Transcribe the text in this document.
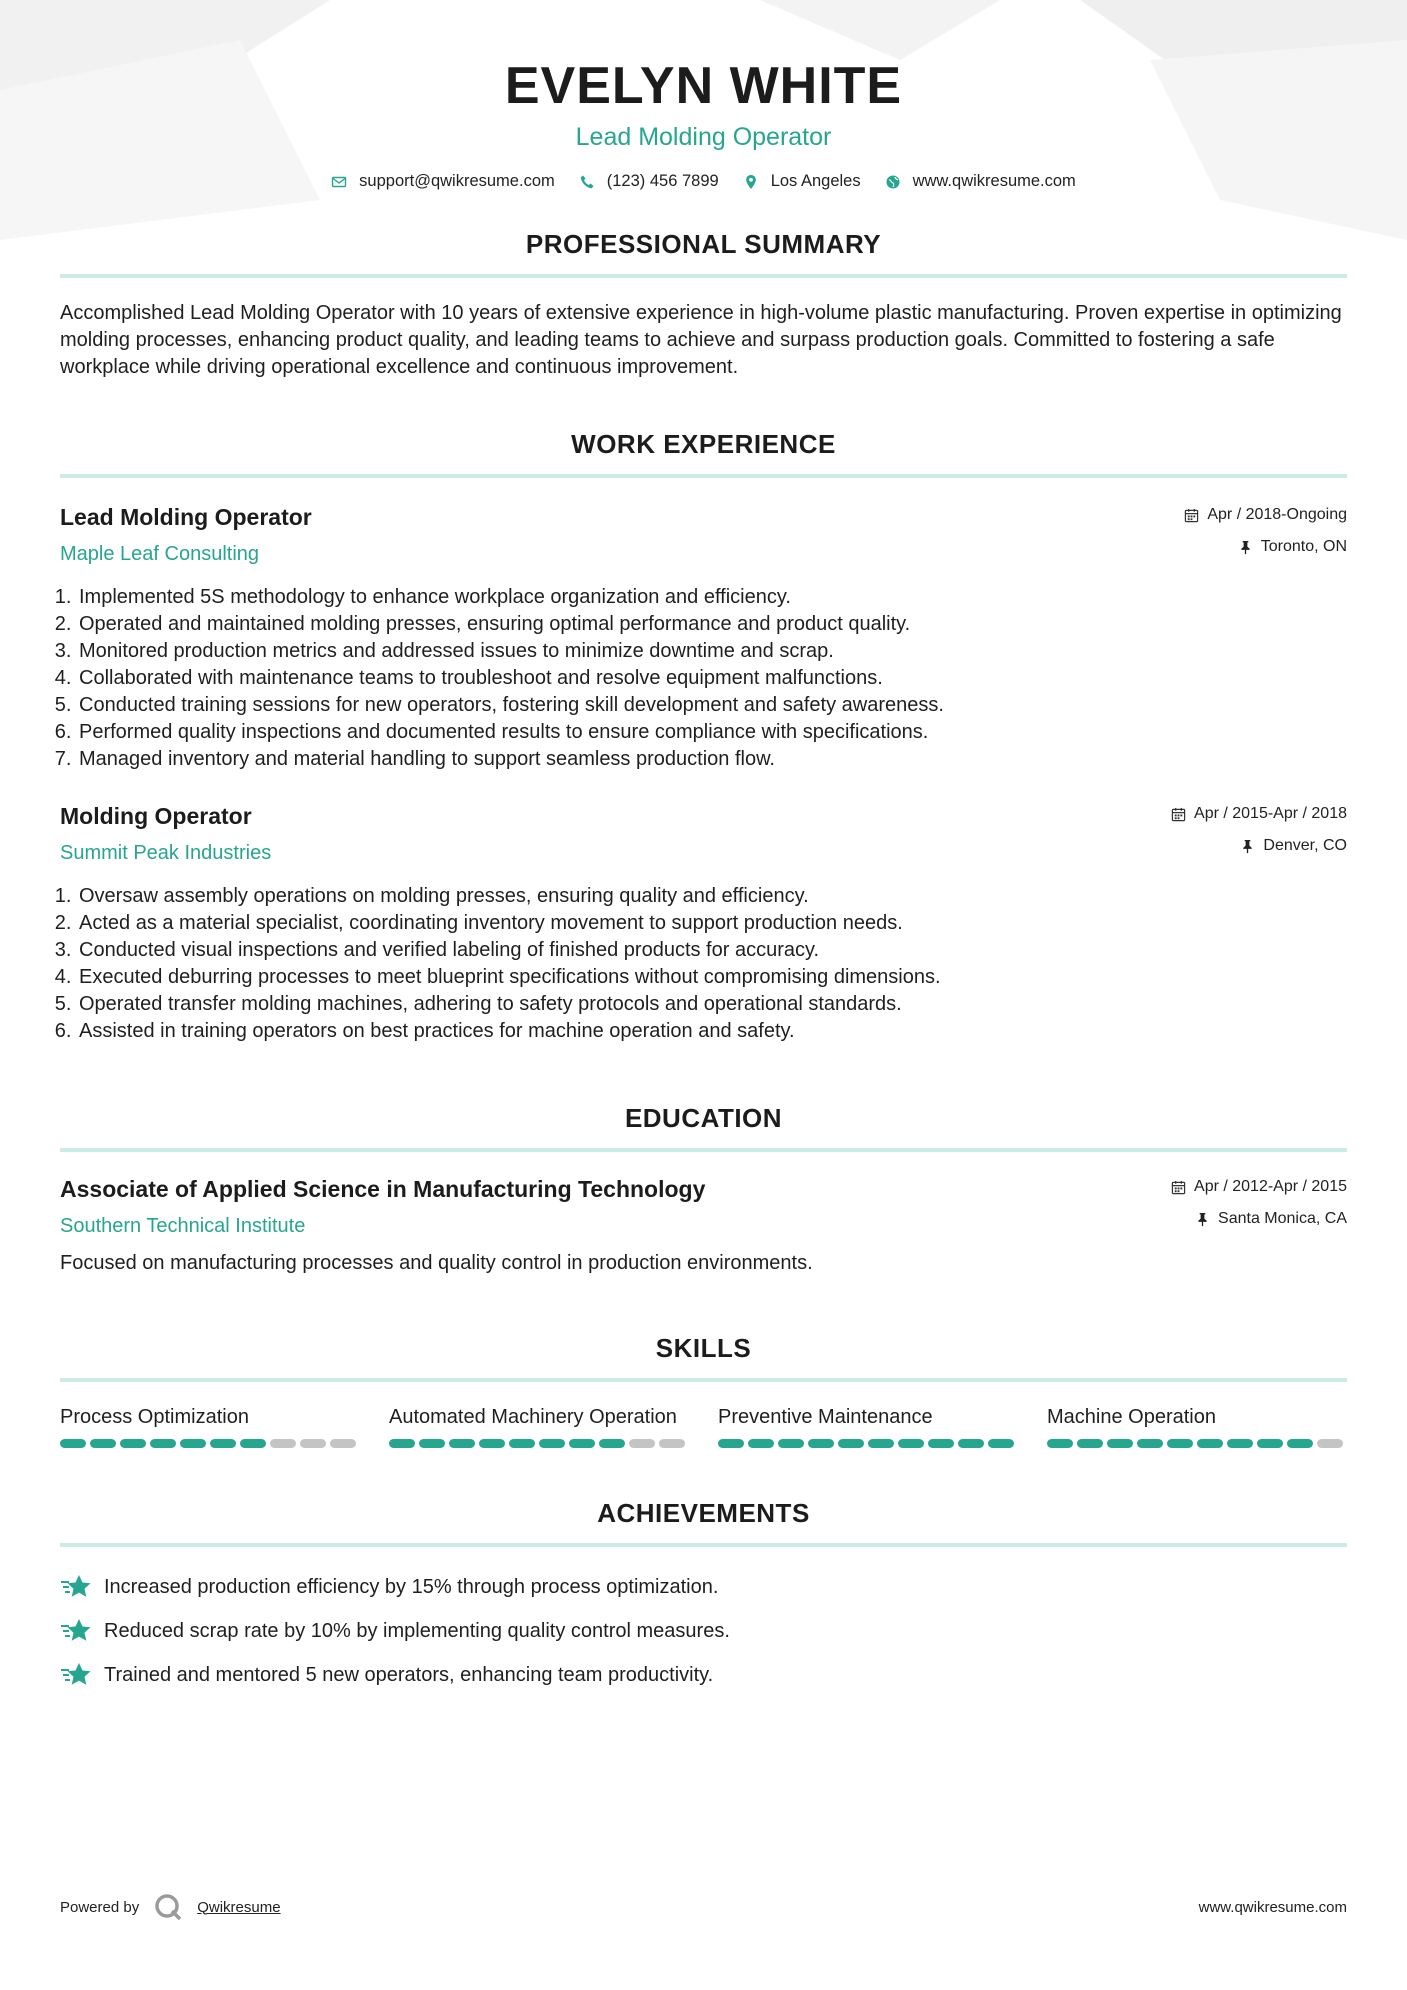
EVELYN WHITE
Lead Molding Operator
support@qwikresume.com	(123) 456 7899	Los Angeles	www.qwikresume.com
PROFESSIONAL SUMMARY

Accomplished Lead Molding Operator with 10 years of extensive experience in high-volume plastic manufacturing. Proven expertise in optimizing molding processes, enhancing product quality, and leading teams to achieve and surpass production goals. Committed to fostering a safe workplace while driving operational excellence and continuous improvement.

WORK EXPERIENCE
Lead Molding Operator
Maple Leaf Consulting
Apr / 2018-Ongoing
Toronto, ON
1. Implemented 5S methodology to enhance workplace organization and efficiency.
2. Operated and maintained molding presses, ensuring optimal performance and product quality.
3. Monitored production metrics and addressed issues to minimize downtime and scrap.
4. Collaborated with maintenance teams to troubleshoot and resolve equipment malfunctions.
5. Conducted training sessions for new operators, fostering skill development and safety awareness.
6. Performed quality inspections and documented results to ensure compliance with specifications.
7. Managed inventory and material handling to support seamless production flow.
Molding Operator
Summit Peak Industries
Apr / 2015-Apr / 2018
Denver, CO
1. Oversaw assembly operations on molding presses, ensuring quality and efficiency.
2. Acted as a material specialist, coordinating inventory movement to support production needs.
3. Conducted visual inspections and verified labeling of finished products for accuracy.
4. Executed deburring processes to meet blueprint specifications without compromising dimensions.
5. Operated transfer molding machines, adhering to safety protocols and operational standards.
6. Assisted in training operators on best practices for machine operation and safety.
EDUCATION
Associate of Applied Science in Manufacturing Technology
Southern Technical Institute
Apr / 2012-Apr / 2015
Santa Monica, CA
Focused on manufacturing processes and quality control in production environments.
SKILLS
Process Optimization	Automated Machinery Operation	Preventive Maintenance	Machine Operation
ACHIEVEMENTS
Increased production efficiency by 15% through process optimization.
Reduced scrap rate by 10% by implementing quality control measures.
Trained and mentored 5 new operators, enhancing team productivity.
Powered by	Qwikresume	www.qwikresume.com
